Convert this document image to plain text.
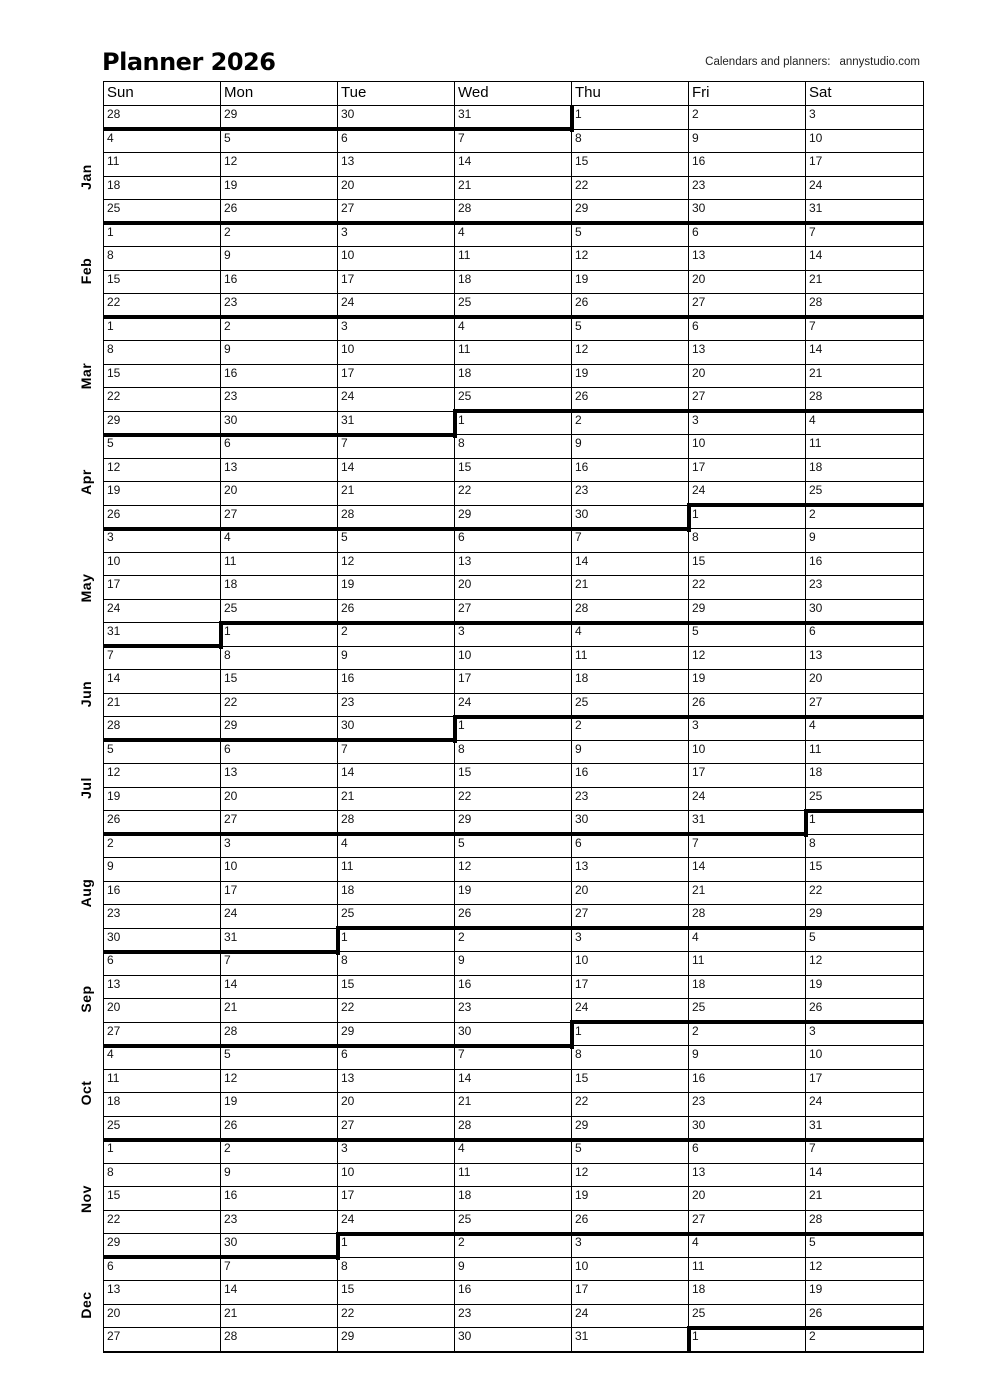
Planner 2026	Calendars and planners: annystudio.com
Sun	Mon	Tue	Wed	Thu	Fri	Sat
28	29	30	31	1	2	3
4	5	6	7	8	9	10
11	12	13	14	15	16	17
18	19	20	21	22	23	24
25	26	27	28	29	30	31
1	2	3	4	5	6	7
8	9	10	11	12	13	14
15	16	17	18	19	20	21
22	23	24	25	26	27	28
1	2	3	4	5	6	7
8	9	10	11	12	13	14
15	16	17	18	19	20	21
22	23	24	25	26	27	28
29	30	31	1	2	3	4
5	6	7	8	9	10	11
12	13	14	15	16	17	18
19	20	21	22	23	24	25
26	27	28	29	30	1	2
3	4	5	6	7	8	9
10	11	12	13	14	15	16
17	18	19	20	21	22	23
24	25	26	27	28	29	30
31	1	2	3	4	5	6
7	8	9	10	11	12	13
14	15	16	17	18	19	20
21	22	23	24	25	26	27
28	29	30	1	2	3	4
5	6	7	8	9	10	11
12	13	14	15	16	17	18
19	20	21	22	23	24	25
26	27	28	29	30	31	1
2	3	4	5	6	7	8
9	10	11	12	13	14	15
16	17	18	19	20	21	22
23	24	25	26	27	28	29
30	31	1	2	3	4	5
6	7	8	9	10	11	12
13	14	15	16	17	18	19
20	21	22	23	24	25	26
27	28	29	30	1	2	3
4	5	6	7	8	9	10
11	12	13	14	15	16	17
18	19	20	21	22	23	24
25	26	27	28	29	30	31
1	2	3	4	5	6	7
8	9	10	11	12	13	14
15	16	17	18	19	20	21
22	23	24	25	26	27	28
29	30	1	2	3	4	5
6	7	8	9	10	11	12
13	14	15	16	17	18	19
20	21	22	23	24	25	26
27	28	29	30	31	1	2
Jan
Feb
Mar
Apr
May
Jun
Jul
Aug
Sep
Oct
Nov
Dec
